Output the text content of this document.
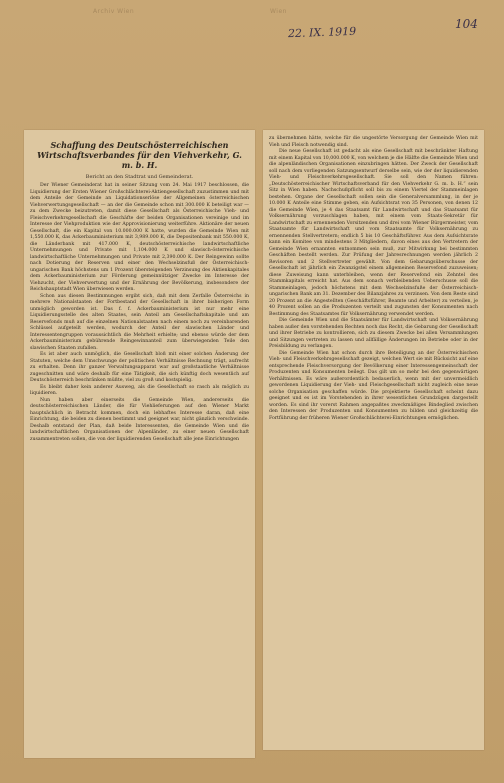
Archiv Wien	Wien
22. IX. 1919
104
Schaffung des Deutschösterreichischen Wirtschaftsverbandes für den Viehverkehr, G. m. b. H.
Bericht an den Stadtrat und Gemeinderat.

Der Wiener Gemeinderat hat in seiner Sitzung vom 24. Mai 1917 beschlossen, die Liquidierung der Ersten Wiener Großschlächterei-Aktiengesellschaft zuzustimmen und mit dem Anteile der Gemeinde an Liquidationserlöse der Allgemeinen österreichischen Viehverwertungsgesellschaft — an der die Gemeinde schon mit 300.000 K beteiligt war — zu dem Zwecke beizutreten, damit diese Gesellschaft als Österreichische Vieh- und Fleischverkehrsgesellschaft die Geschäfte der beiden Organisationen vereinige und im Interesse der Viehproduktion wie der Approvisionierung weiterführe. Aktionäre der neuen Gesellschaft, die ein Kapital von 10.000.000 K hatte, wurden die Gemeinde Wien mit 1,550.000 K, das Ackerbauministerium mit 3,989.000 K, die Depositenbank mit 550.000 K, die Länderbank mit 417.000 K, deutschösterreichische landwirtschaftliche Unternehmungen und Private mit 1,104.000 K und slawisch-österreichische landwirtschaftliche Unternehmungen und Private mit 2,390.000 K. Der Reingewinn sollte nach Dotierung der Reserven und einer den Wechselzinsfuß der Österreichisch-ungarischen Bank höchstens um 1 Prozent übersteigenden Verzinsung des Aktienkapitales dem Ackerbauministerium zur Förderung gemeinnütziger Zwecke im Interesse der Viehzucht, der Viehverwertung und der Ernährung der Bevölkerung, insbesondere der Reichshauptstadt Wien überwiesen werden.

Schon aus diesen Bestimmungen ergibt sich, daß mit dem Zerfalle Österreichs in mehrere Nationalstaaten der Fortbestand der Gesellschaft in ihrer bisherigen Form unmöglich geworden ist. Das f. f. Ackerbauministerium ist nur mehr eine Liquidierungsstelle des alten Staates, sein Anteil am Gesellschaftskapitale und am Reservefonds muß auf die einzelnen Nationalstaaten nach einem noch zu vereinbarenden Schlüssel aufgeteilt werden, wodurch der Anteil der slawischen Länder und Interessentengruppen voraussichtlich die Mehrheit erhielte; und ebenso würde der dem Ackerbauministerium gebührende Reingewinnanteil zum überwiegenden Teile den slawischen Staaten zufallen.

Es ist aber auch unmöglich, die Gesellschaft bloß mit einer solchen Änderung der Statuten, welche dem Umschwunge der politischen Verhältnisse Rechnung trägt, aufrecht zu erhalten. Denn ihr ganzer Verwaltungsapparat war auf großstaatliche Verhältnisse zugeschnitten und wäre deshalb für eine Tätigkeit, die sich künftig doch wesentlich auf Deutschösterreich beschränken müßte, viel zu groß und kostspielig.

Es bleibt daher kein anderer Ausweg, als die Gesellschaft so rasch als möglich zu liquidieren.

Nun haben aber einerseits die Gemeinde Wien, andererseits die deutschösterreichischen Länder, die für Viehlieferungen auf den Wiener Markt hauptsächlich in Betracht kommen, doch ein lebhaftes Interesse daran, daß eine Einrichtung, die beiden zu dienen bestimmt und geeignet war, nicht gänzlich verschwinde. Deshalb entstand der Plan, daß beide Interessenten, die Gemeinde Wien und die landwirtschaftlichen Organisationen der Alpenländer, zu einer neuen Gesellschaft zusammentreten sollen, die von der liquidierenden Gesellschaft alle jene Einrichtungen

zu übernehmen hätte, welche für die ungestörte Versorgung der Gemeinde Wien mit Vieh und Fleisch notwendig sind.

Die neue Gesellschaft ist gedacht als eine Gesellschaft mit beschränkter Haftung mit einem Kapital von 10,000.000 K, von welchem je die Hälfte die Gemeinde Wien und die alpenländischen Organisationen einzubringen hätten. Der Zweck der Gesellschaft soll nach dem vorliegenden Satzungsentwurf derselbe sein, wie der der liquidierenden Vieh- und Fleischverkehrsgesellschaft. Sie soll den Namen führen: „Deutschösterreichischer Wirtschaftsverband für den Viehverkehr G. m. b. H.“ sein Sitz in Wien haben. Nachschußpflicht soll bis zu einem Viertel der Stammeinlagen bestehen. Organe der Gesellschaft sollen sein die Generalversammlung, in der je 10.000 K Anteile eine Stimme geben, ein Aufsichtsrat von 35 Personen, von denen 12 die Gemeinde Wien, je 4 das Staatsamt für Landwirtschaft und das Staatsamt für Volksernährung vorzuschlagen haben, mit einem vom Staats-Sekretär für Landwirtschaft zu ernennenden Vorsitzenden und drei vom Wiener Bürgermeister, vom Staatsamte für Landwirtschaft und vom Staatsamte für Volksernährung zu ernennenden Stellvertretern; endlich 5 bis 10 Geschäftsführer. Aus dem Aufsichtsrate kann ein Komitee von mindestens 3 Mitgliedern, davon eines aus den Vertretern der Gemeinde Wien ernannten entnommen sein muß, zur Mitwirkung bei bestimmten Geschäften bestellt werden. Zur Prüfung der Jahresrechnungen werden jährlich 2 Revisoren und 2 Stellvertreter gewählt. Von dem Gebarungsüberschusse der Gesellschaft ist jährlich ein Zwanzigstel einem allgemeinen Reservefond zuzuweisen; diese Zuweisung kann unterbleiben, wenn der Reservefond ein Zehntel des Stammkapitals erreicht hat. Aus dem sonach verbleibenden Ueberschusse soll die Stammeinlagen, jedoch höchstens mit dem Wechselzinsfuße der Österreichisch-ungarischen Bank am 31. Dezember des Bilanzjahres zu verzinsen. Von dem Reste sind 20 Prozent an die Angestellten (Geschäftsführer, Beamte und Arbeiter) zu verteilen, je 40 Prozent sollen an die Produzenten verteilt und zugunsten der Konsumenten nach Bestimmung des Staatsamtes für Volksernährung verwendet werden.

Die Gemeinde Wien und die Staatsämter für Landwirtschaft und Volksernährung haben außer den vorstehenden Rechten noch das Recht, die Gebarung der Gesellschaft und ihrer Betriebe zu kontrollieren, sich zu diesem Zwecke bei allen Versammlungen und Sitzungen vertreten zu lassen und allfällige Änderungen im Betriebe oder in der Preisbildung zu verlangen.

Die Gemeinde Wien hat schon durch ihre Beteiligung an der Österreichischen Vieh- und Fleischverkehrsgesellschaft gezeigt, welchen Wert sie mit Rücksicht auf eine entsprechende Fleischversorgung der Bevölkerung einer Interessengemeinschaft der Produzenten und Konsumenten beilegt. Das gilt um so mehr bei den gegenwärtigen Verhältnissen. Es wäre außerordentlich bedauerlich, wenn mit der unvermeidlich gewordenen Liquidierung der Vieh- und Fleischgesellschaft nicht zugleich eine neue solche Organisation geschaffen würde. Die projektierte Gesellschaft scheint dazu geeignet und es ist im Vorstehenden in ihrer wesentlichen Grundzügen dargestellt worden. Es sind ihr vorerst Rahmen angepaßtes zweckmäßiges Bindeglied zwischen den Interessen der Produzenten und Konsumenten zu bilden und gleichzeitig die Fortführung der früheren Wiener Großschlächterei-Einrichtungen ermöglichen.
